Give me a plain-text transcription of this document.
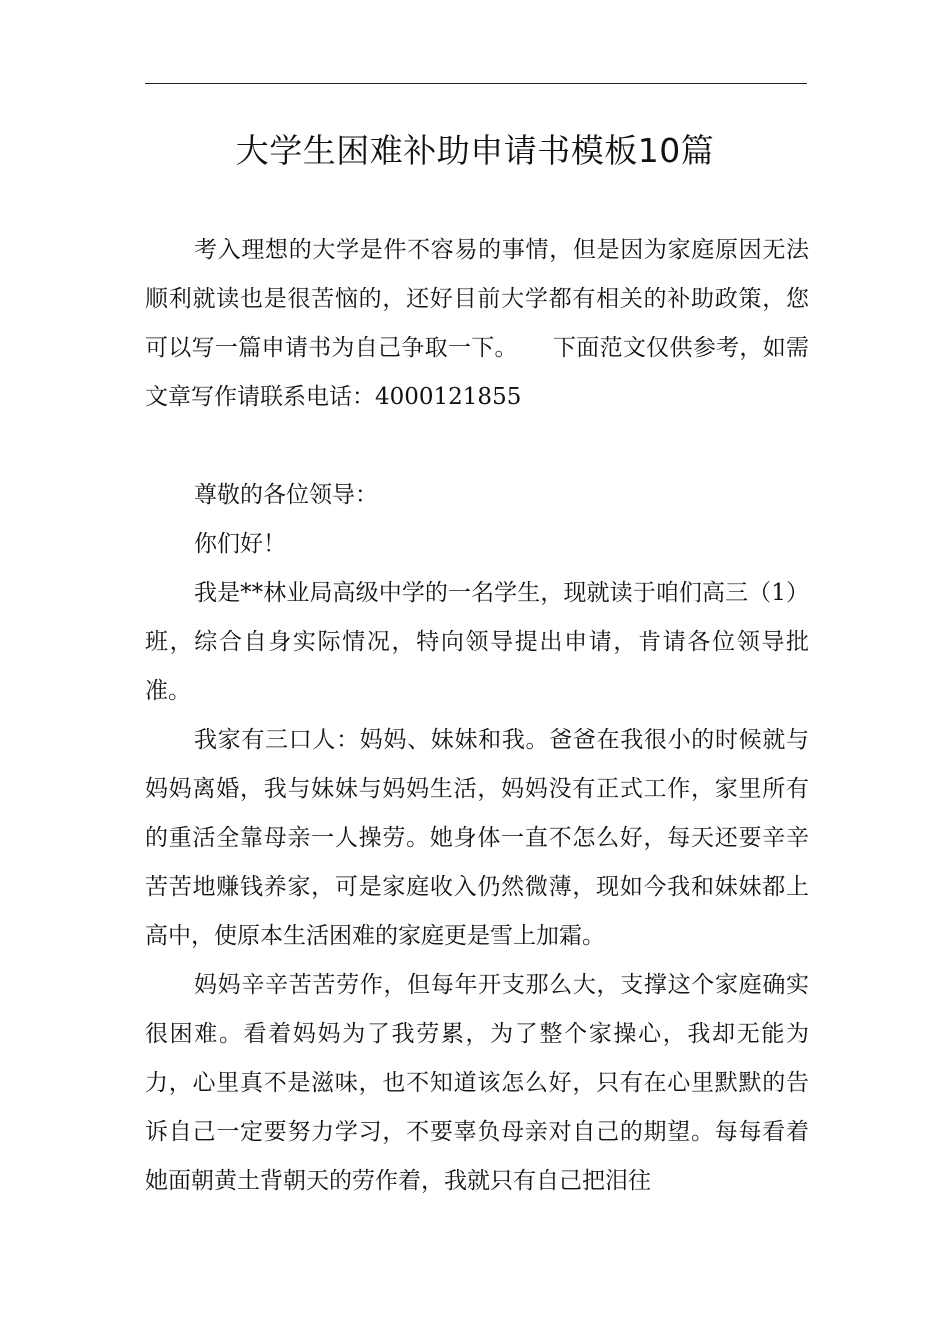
大学生困难补助申请书模板10篇

考入理想的大学是件不容易的事情，但是因为家庭原因无法顺利就读也是很苦恼的，还好目前大学都有相关的补助政策，您可以写一篇申请书为自己争取一下。　　下面范文仅供参考，如需文章写作请联系电话：4000121855

尊敬的各位领导：

你们好！

我是**林业局高级中学的一名学生，现就读于咱们高三（1）班，综合自身实际情况，特向领导提出申请，肯请各位领导批准。

我家有三口人：妈妈、妹妹和我。爸爸在我很小的时候就与妈妈离婚，我与妹妹与妈妈生活，妈妈没有正式工作，家里所有的重活全靠母亲一人操劳。她身体一直不怎么好，每天还要辛辛苦苦地赚钱养家，可是家庭收入仍然微薄，现如今我和妹妹都上高中，使原本生活困难的家庭更是雪上加霜。

妈妈辛辛苦苦劳作，但每年开支那么大，支撑这个家庭确实很困难。看着妈妈为了我劳累，为了整个家操心，我却无能为力，心里真不是滋味，也不知道该怎么好，只有在心里默默的告诉自己一定要努力学习，不要辜负母亲对自己的期望。每每看着她面朝黄土背朝天的劳作着，我就只有自己把泪往
